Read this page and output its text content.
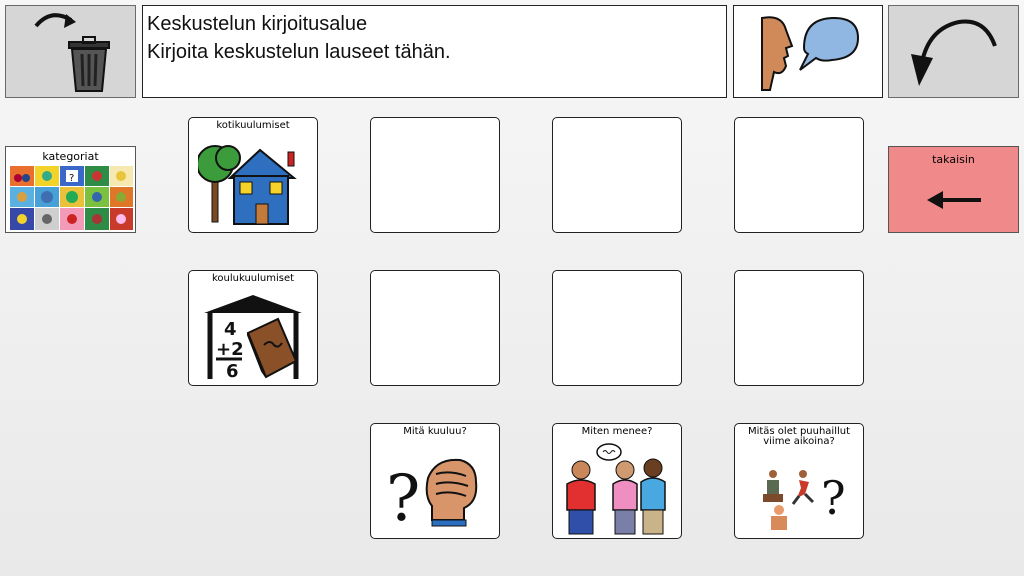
Keskustelun kirjoitusalue
Kirjoita keskustelun lauseet tähän.
kategoriat
?
takaisin
kotikuulumiset
koulukuulumiset
4
+2
6
Mitä kuuluu?
?
Miten menee?	Mitäs olet puuhaillut viime aikoina?
?
